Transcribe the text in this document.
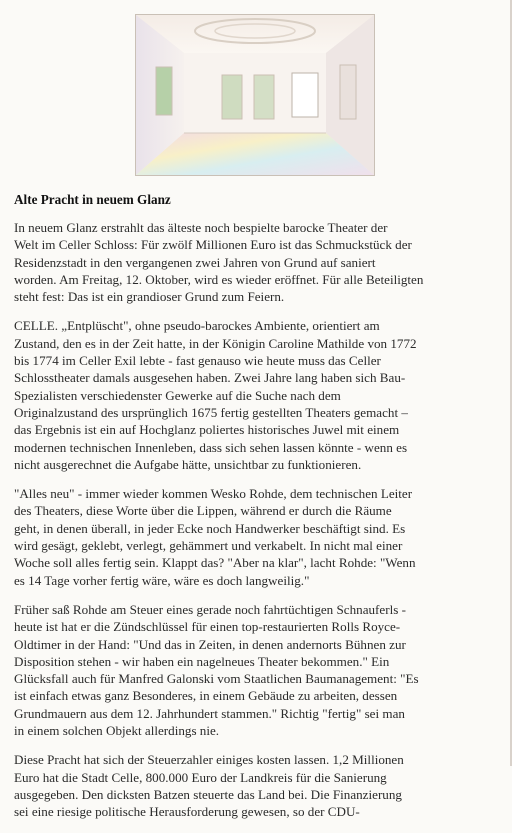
Alte Pracht in neuem Glanz

In neuem Glanz erstrahlt das älteste noch bespielte barocke Theater der
Welt im Celler Schloss: Für zwölf Millionen Euro ist das Schmuckstück der
Residenzstadt in den vergangenen zwei Jahren von Grund auf saniert
worden. Am Freitag, 12. Oktober, wird es wieder eröffnet. Für alle Beteiligten
steht fest: Das ist ein grandioser Grund zum Feiern.

CELLE. „Entplüscht", ohne pseudo-barockes Ambiente, orientiert am
Zustand, den es in der Zeit hatte, in der Königin Caroline Mathilde von 1772
bis 1774 im Celler Exil lebte - fast genauso wie heute muss das Celler
Schlosstheater damals ausgesehen haben. Zwei Jahre lang haben sich Bau-
Spezialisten verschiedenster Gewerke auf die Suche nach dem
Originalzustand des ursprünglich 1675 fertig gestellten Theaters gemacht –
das Ergebnis ist ein auf Hochglanz poliertes historisches Juwel mit einem
modernen technischen Innenleben, dass sich sehen lassen könnte - wenn es
nicht ausgerechnet die Aufgabe hätte, unsichtbar zu funktionieren.

"Alles neu" - immer wieder kommen Wesko Rohde, dem technischen Leiter
des Theaters, diese Worte über die Lippen, während er durch die Räume
geht, in denen überall, in jeder Ecke noch Handwerker beschäftigt sind. Es
wird gesägt, geklebt, verlegt, gehämmert und verkabelt. In nicht mal einer
Woche soll alles fertig sein. Klappt das? "Aber na klar", lacht Rohde: "Wenn
es 14 Tage vorher fertig wäre, wäre es doch langweilig."

Früher saß Rohde am Steuer eines gerade noch fahrtüchtigen Schnauferls -
heute ist hat er die Zündschlüssel für einen top-restaurierten Rolls Royce-
Oldtimer in der Hand: "Und das in Zeiten, in denen andernorts Bühnen zur
Disposition stehen - wir haben ein nagelneues Theater bekommen." Ein
Glücksfall auch für Manfred Galonski vom Staatlichen Baumanagement: "Es
ist einfach etwas ganz Besonderes, in einem Gebäude zu arbeiten, dessen
Grundmauern aus dem 12. Jahrhundert stammen." Richtig "fertig" sei man
in einem solchen Objekt allerdings nie.

Diese Pracht hat sich der Steuerzahler einiges kosten lassen. 1,2 Millionen
Euro hat die Stadt Celle, 800.000 Euro der Landkreis für die Sanierung
ausgegeben. Den dicksten Batzen steuerte das Land bei. Die Finanzierung
sei eine riesige politische Herausforderung gewesen, so der CDU-
